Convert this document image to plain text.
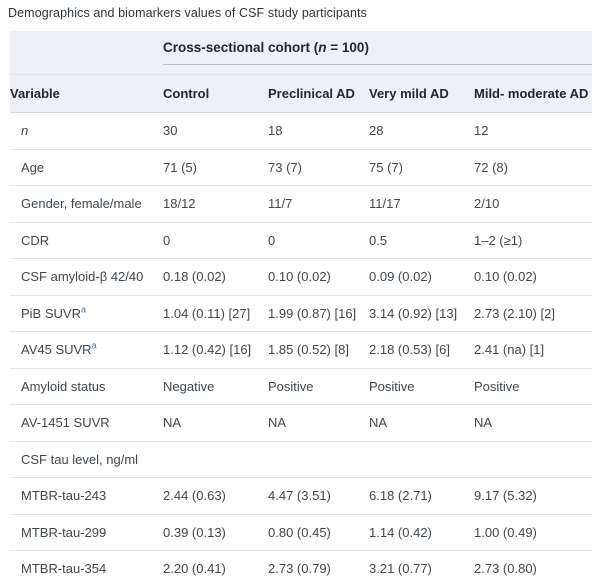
Demographics and biomarkers values of CSF study participants

	Cross-sectional cohort (n = 100)			

Variable	Control	Preclinical AD	Very mild AD	Mild- moderate AD
n	30	18	28	12
Age	71 (5)	73 (7)	75 (7)	72 (8)
Gender, female/male	18/12	11/7	11/17	2/10
CDR	0	0	0.5	1–2 (≥1)
CSF amyloid-β 42/40	0.18 (0.02)	0.10 (0.02)	0.09 (0.02)	0.10 (0.02)
PiB SUVR$^a$	1.04 (0.11) [27]	1.99 (0.87) [16]	3.14 (0.92) [13]	2.73 (2.10) [2]
AV45 SUVR$^a$	1.12 (0.42) [16]	1.85 (0.52) [8]	2.18 (0.53) [6]	2.41 (na) [1]
Amyloid status	Negative	Positive	Positive	Positive
AV-1451 SUVR	NA	NA	NA	NA
CSF tau level, ng/ml				
MTBR-tau-243	2.44 (0.63)	4.47 (3.51)	6.18 (2.71)	9.17 (5.32)
MTBR-tau-299	0.39 (0.13)	0.80 (0.45)	1.14 (0.42)	1.00 (0.49)
MTBR-tau-354	2.20 (0.41)	2.73 (0.79)	3.21 (0.77)	2.73 (0.80)
